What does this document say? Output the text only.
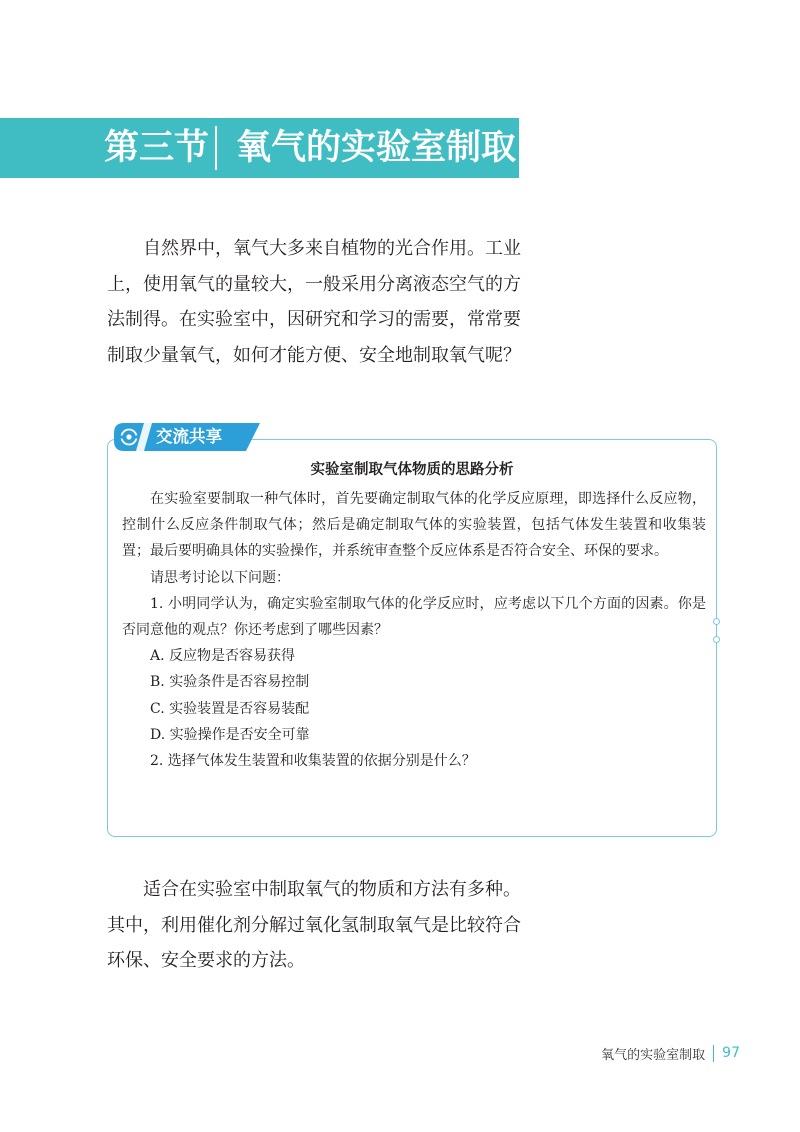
第三节 氧气的实验室制取

自然界中，氧气大多来自植物的光合作用。工业上，使用氧气的量较大，一般采用分离液态空气的方法制得。在实验室中，因研究和学习的需要，常常要制取少量氧气，如何才能方便、安全地制取氧气呢？

交流共享
实验室制取气体物质的思路分析

在实验室要制取一种气体时，首先要确定制取气体的化学反应原理，即选择什么反应物，控制什么反应条件制取气体；然后是确定制取气体的实验装置，包括气体发生装置和收集装置；最后要明确具体的实验操作，并系统审查整个反应体系是否符合安全、环保的要求。

请思考讨论以下问题：

1. 小明同学认为，确定实验室制取气体的化学反应时，应考虑以下几个方面的因素。你是否同意他的观点？你还考虑到了哪些因素？

A. 反应物是否容易获得

B. 实验条件是否容易控制

C. 实验装置是否容易装配

D. 实验操作是否安全可靠

2. 选择气体发生装置和收集装置的依据分别是什么？

适合在实验室中制取氧气的物质和方法有多种。其中，利用催化剂分解过氧化氢制取氧气是比较符合环保、安全要求的方法。

氧气的实验室制取 97
